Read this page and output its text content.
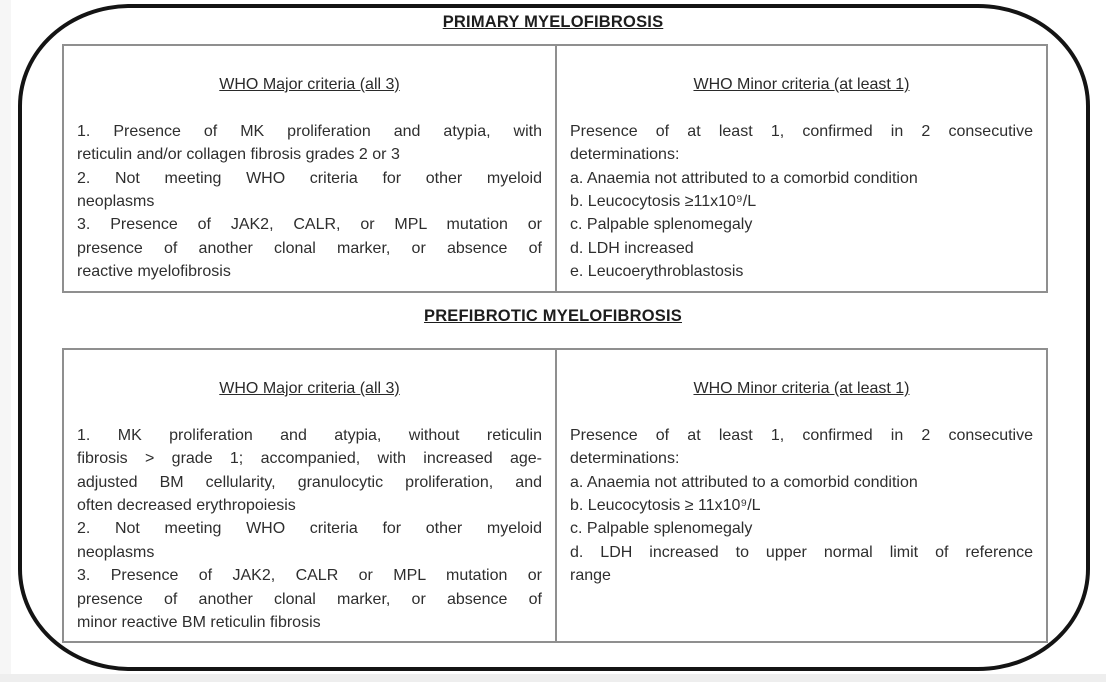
PRIMARY MYELOFIBROSIS
WHO Major criteria (all 3)
1. Presence of MK proliferation and atypia, with
reticulin and/or collagen fibrosis grades 2 or 3
2. Not meeting WHO criteria for other myeloid
neoplasms
3. Presence of JAK2, CALR, or MPL mutation or
presence of another clonal marker, or absence of
reactive myelofibrosis
WHO Minor criteria (at least 1)
Presence of at least 1, confirmed in 2 consecutive
determinations:
a. Anaemia not attributed to a comorbid condition
b. Leucocytosis ≥11x10⁹/L
c. Palpable splenomegaly
d. LDH increased
e. Leucoerythroblastosis
PREFIBROTIC MYELOFIBROSIS
WHO Major criteria (all 3)
1. MK proliferation and atypia, without reticulin
fibrosis > grade 1; accompanied, with increased age-
adjusted BM cellularity, granulocytic proliferation, and
often decreased erythropoiesis
2. Not meeting WHO criteria for other myeloid
neoplasms
3. Presence of JAK2, CALR or MPL mutation or
presence of another clonal marker, or absence of
minor reactive BM reticulin fibrosis
WHO Minor criteria (at least 1)
Presence of at least 1, confirmed in 2 consecutive
determinations:
a. Anaemia not attributed to a comorbid condition
b. Leucocytosis ≥ 11x10⁹/L
c. Palpable splenomegaly
d. LDH increased to upper normal limit of reference
range
